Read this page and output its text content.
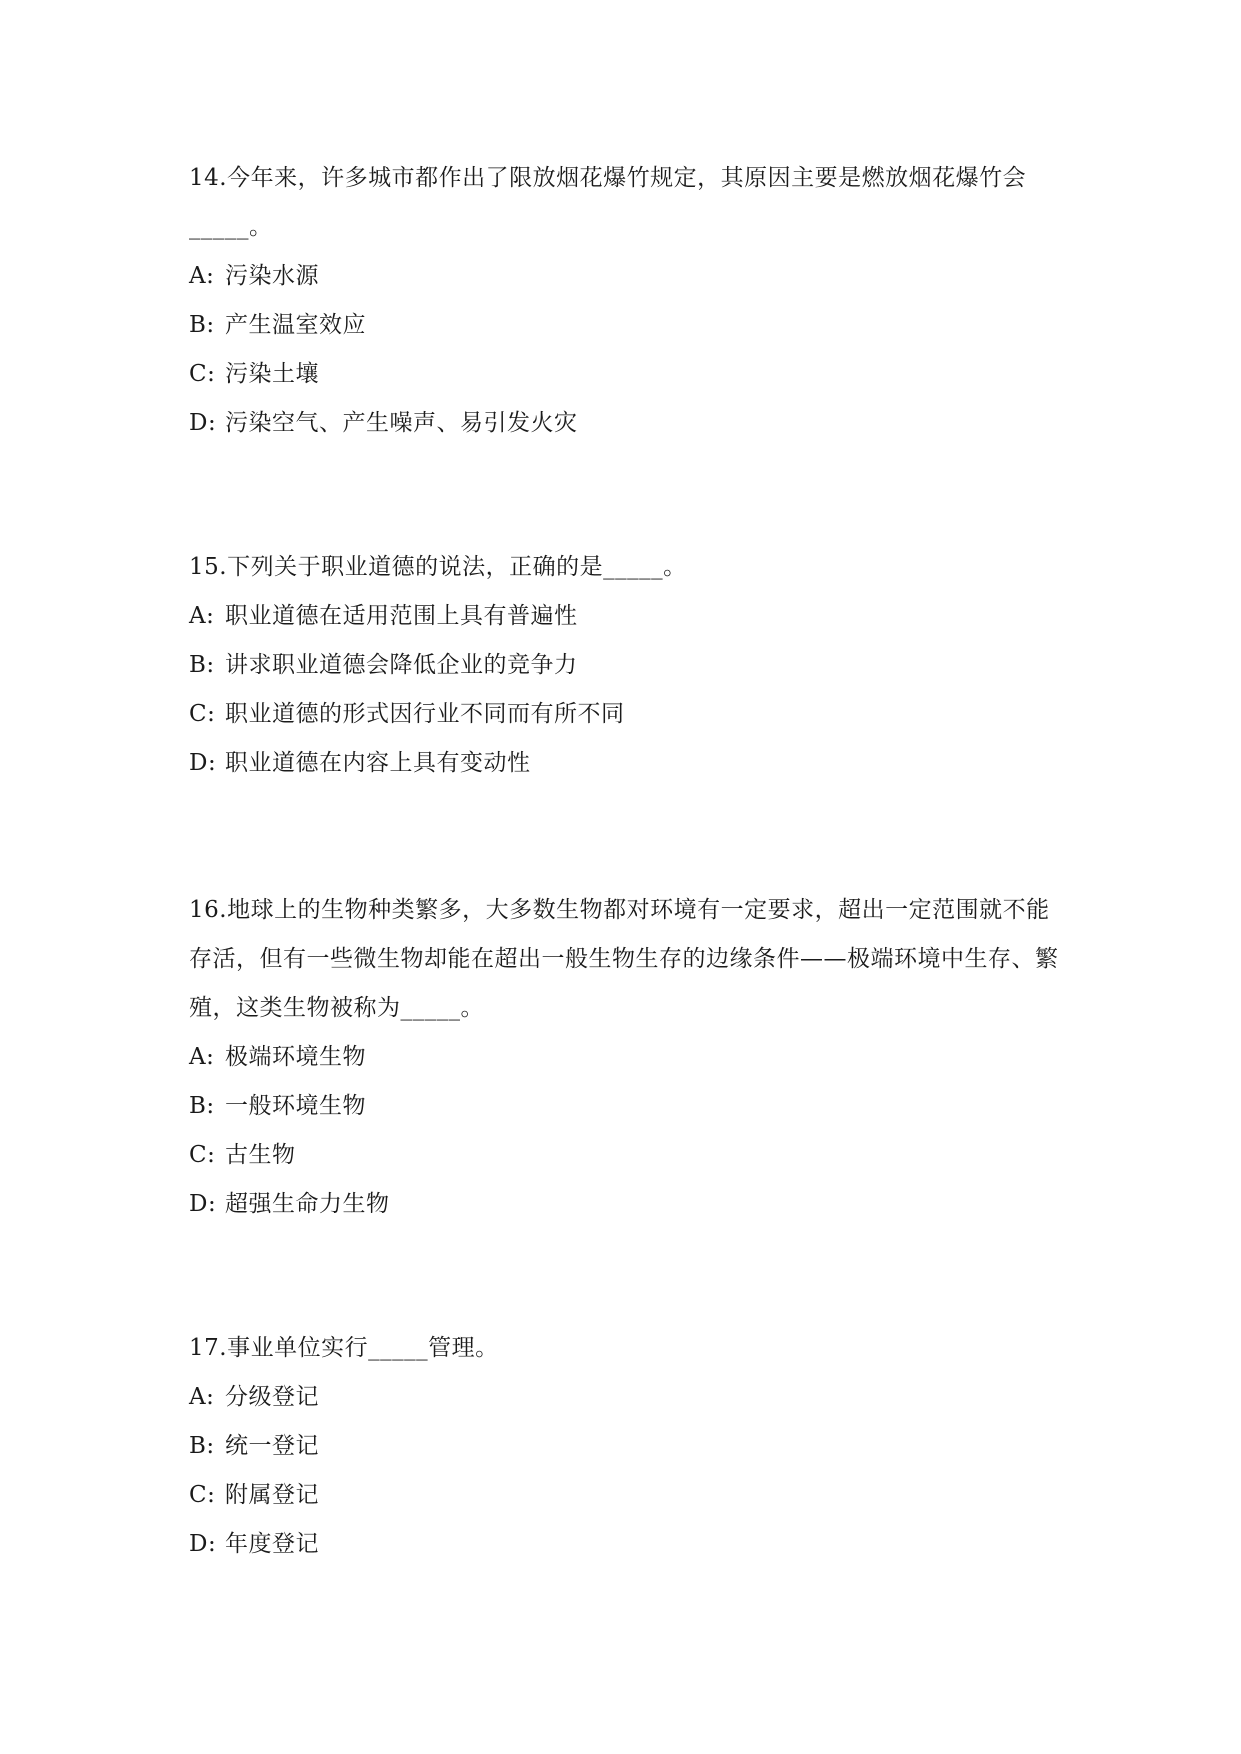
14.今年来，许多城市都作出了限放烟花爆竹规定，其原因主要是燃放烟花爆竹会_____。

A: 污染水源

B: 产生温室效应

C: 污染土壤

D: 污染空气、产生噪声、易引发火灾

15.下列关于职业道德的说法，正确的是_____。

A: 职业道德在适用范围上具有普遍性

B: 讲求职业道德会降低企业的竞争力

C: 职业道德的形式因行业不同而有所不同

D: 职业道德在内容上具有变动性

16.地球上的生物种类繁多，大多数生物都对环境有一定要求，超出一定范围就不能存活，但有一些微生物却能在超出一般生物生存的边缘条件——极端环境中生存、繁殖，这类生物被称为_____。

A: 极端环境生物

B: 一般环境生物

C: 古生物

D: 超强生命力生物

17.事业单位实行_____管理。

A: 分级登记

B: 统一登记

C: 附属登记

D: 年度登记
